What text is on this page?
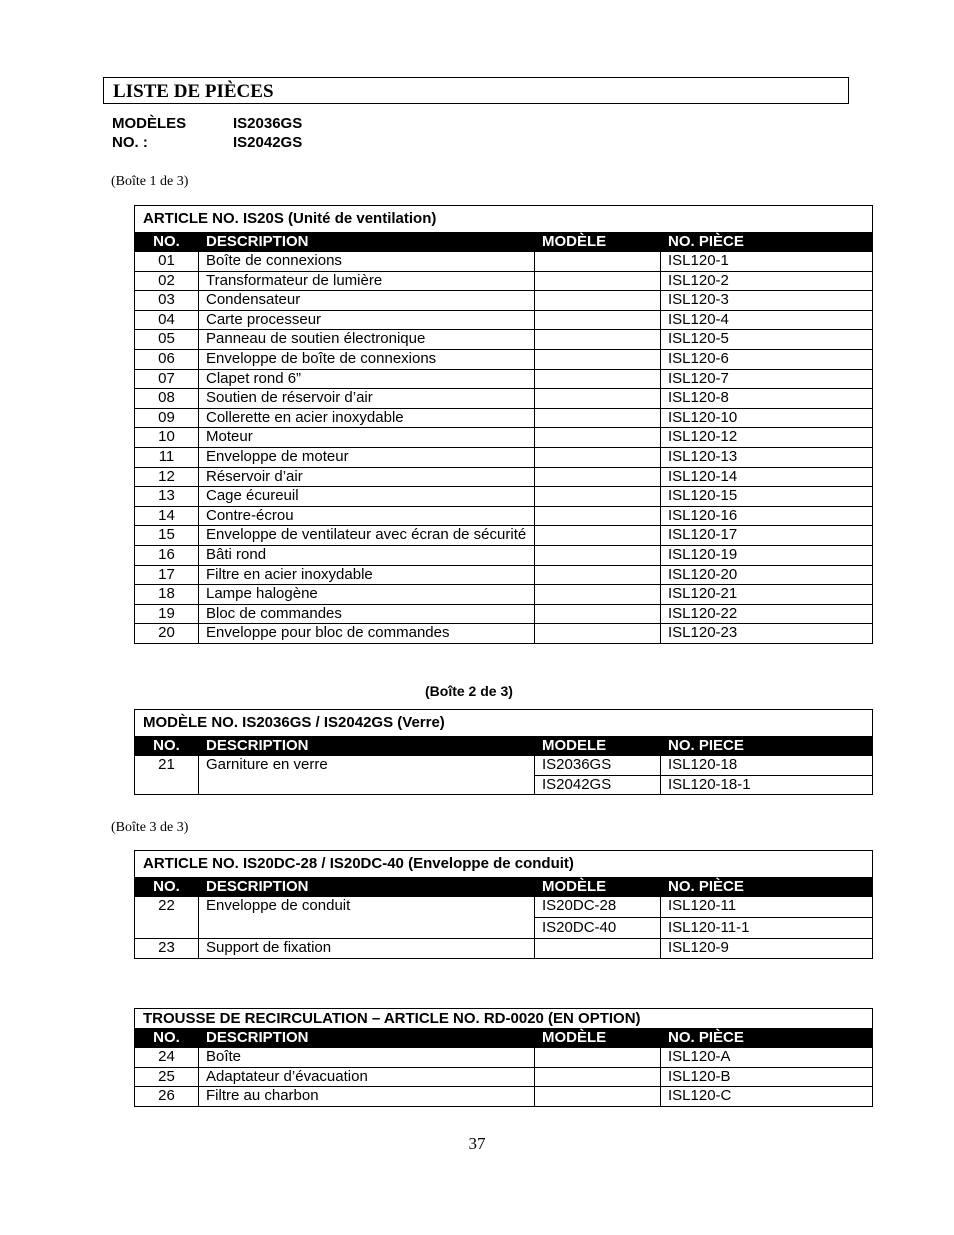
LISTE DE PIÈCES
MODÈLES	IS2036GS
NO. :	IS2042GS
(Boîte 1 de 3)
ARTICLE NO. IS20S (Unité de ventilation)			
NO.	DESCRIPTION	MODÈLE	NO. PIÈCE
01	Boîte de connexions		ISL120-1
02	Transformateur de lumière		ISL120-2
03	Condensateur		ISL120-3
04	Carte processeur		ISL120-4
05	Panneau de soutien électronique		ISL120-5
06	Enveloppe de boîte de connexions		ISL120-6
07	Clapet rond 6”		ISL120-7
08	Soutien de réservoir d’air		ISL120-8
09	Collerette en acier inoxydable		ISL120-10
10	Moteur		ISL120-12
11	Enveloppe de moteur		ISL120-13
12	Réservoir d’air		ISL120-14
13	Cage écureuil		ISL120-15
14	Contre-écrou		ISL120-16
15	Enveloppe de ventilateur avec écran de sécurité		ISL120-17
16	Bâti rond		ISL120-19
17	Filtre en acier inoxydable		ISL120-20
18	Lampe halogène		ISL120-21
19	Bloc de commandes		ISL120-22
20	Enveloppe pour bloc de commandes		ISL120-23
(Boîte 2 de 3)
MODÈLE NO. IS2036GS / IS2042GS (Verre)			
NO.	DESCRIPTION	MODELE	NO. PIECE
21	Garniture en verre	IS2036GS	ISL120-18
		IS2042GS	ISL120-18-1
(Boîte 3 de 3)
ARTICLE NO. IS20DC-28 / IS20DC-40 (Enveloppe de conduit)			
NO.	DESCRIPTION	MODÈLE	NO. PIÈCE
22	Enveloppe de conduit	IS20DC-28	ISL120-11
		IS20DC-40	ISL120-11-1
23	Support de fixation		ISL120-9
TROUSSE DE RECIRCULATION – ARTICLE NO. RD-0020 (EN OPTION)			
NO.	DESCRIPTION	MODÈLE	NO. PIÈCE
24	Boîte		ISL120-A
25	Adaptateur d’évacuation		ISL120-B
26	Filtre au charbon		ISL120-C
37
